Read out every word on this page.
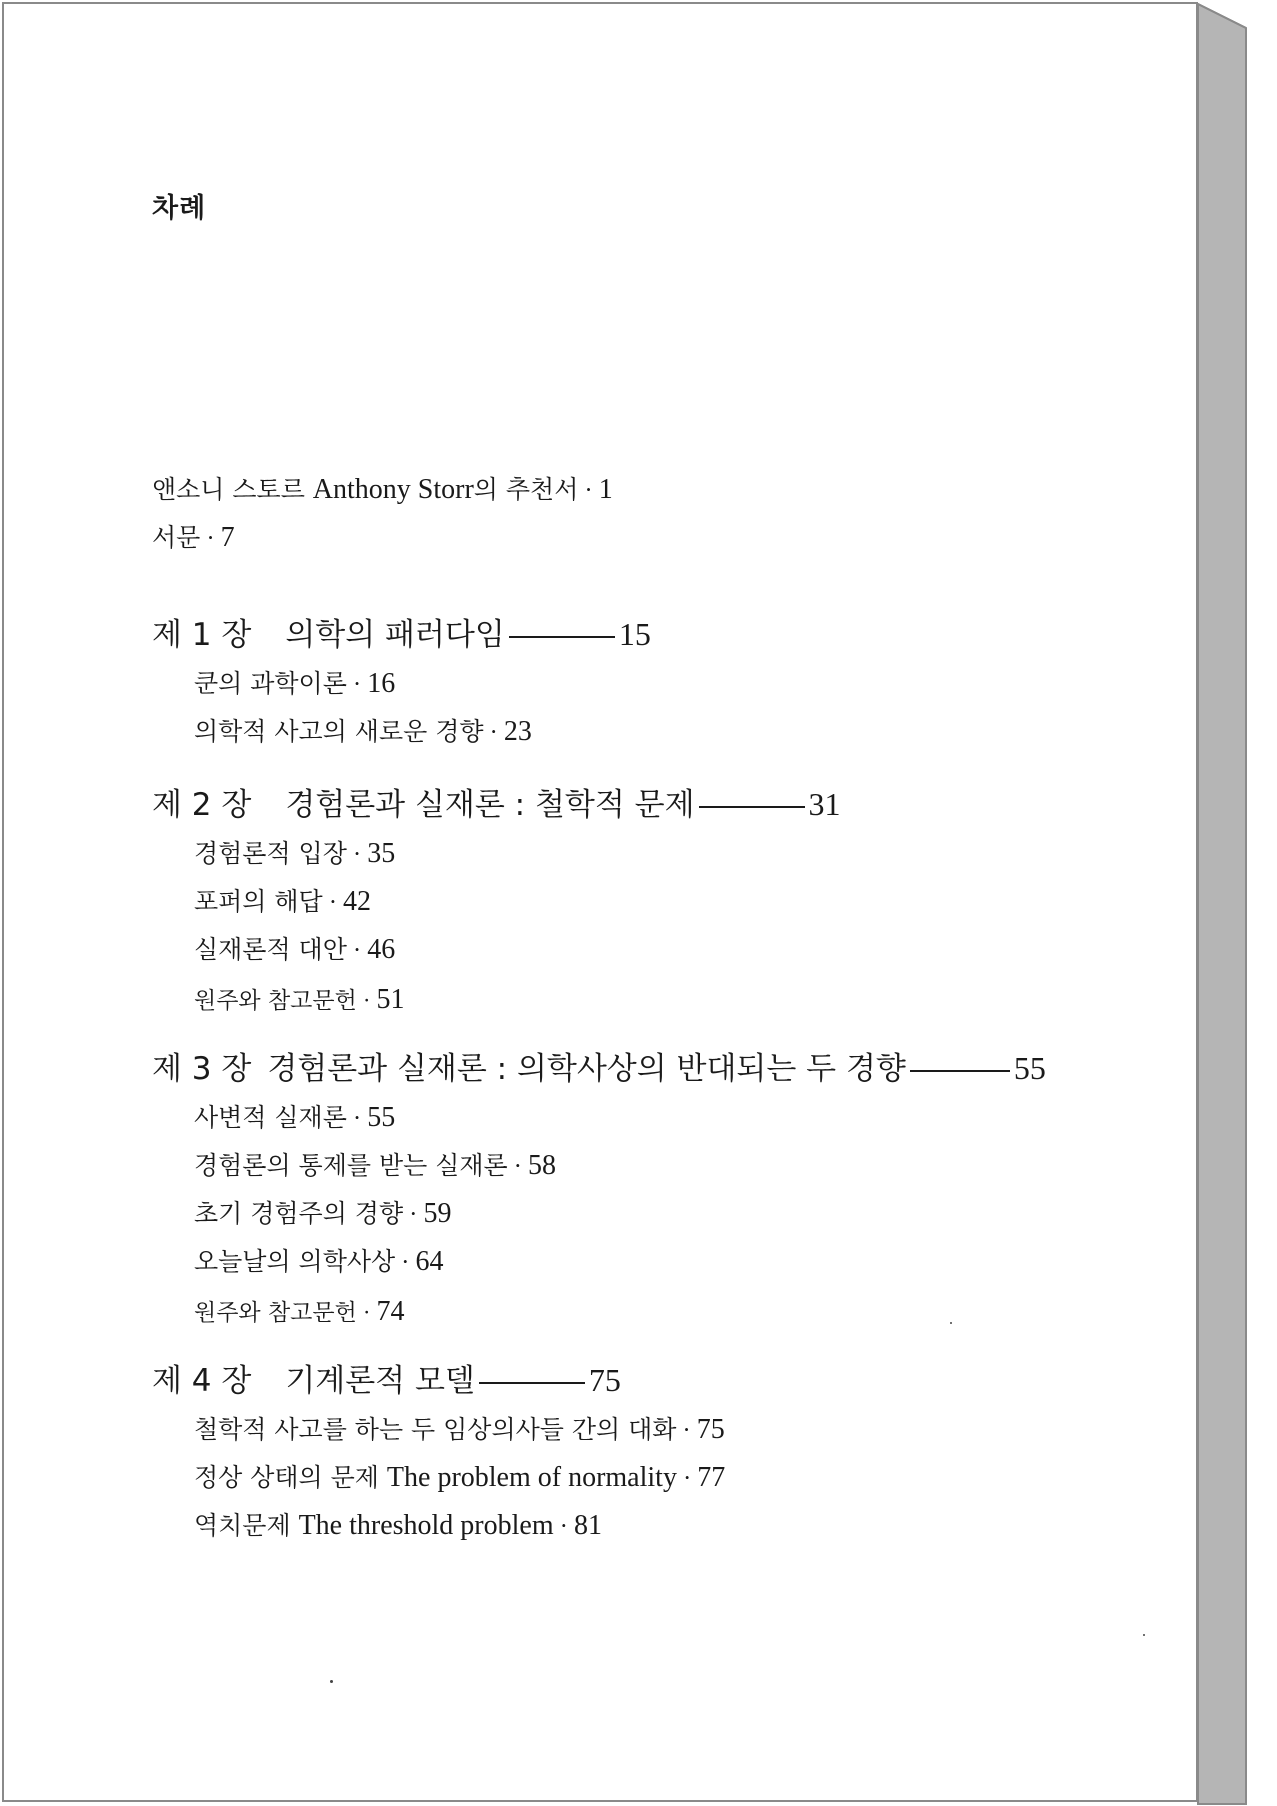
차례
앤소니 스토르 Anthony Storr의 추천서 · 1
서문 · 7
제 1 장 의학의 패러다임	15
쿤의 과학이론 · 16
의학적 사고의 새로운 경향 · 23
제 2 장 경험론과 실재론 : 철학적 문제	31
경험론적 입장 · 35
포퍼의 해답 · 42
실재론적 대안 · 46
원주와 참고문헌 · 51
제 3 장 경험론과 실재론 : 의학사상의 반대되는 두 경향	55
사변적 실재론 · 55
경험론의 통제를 받는 실재론 · 58
초기 경험주의 경향 · 59
오늘날의 의학사상 · 64
원주와 참고문헌 · 74
제 4 장 기계론적 모델	75
철학적 사고를 하는 두 임상의사들 간의 대화 · 75
정상 상태의 문제 The problem of normality · 77
역치문제 The threshold problem · 81
